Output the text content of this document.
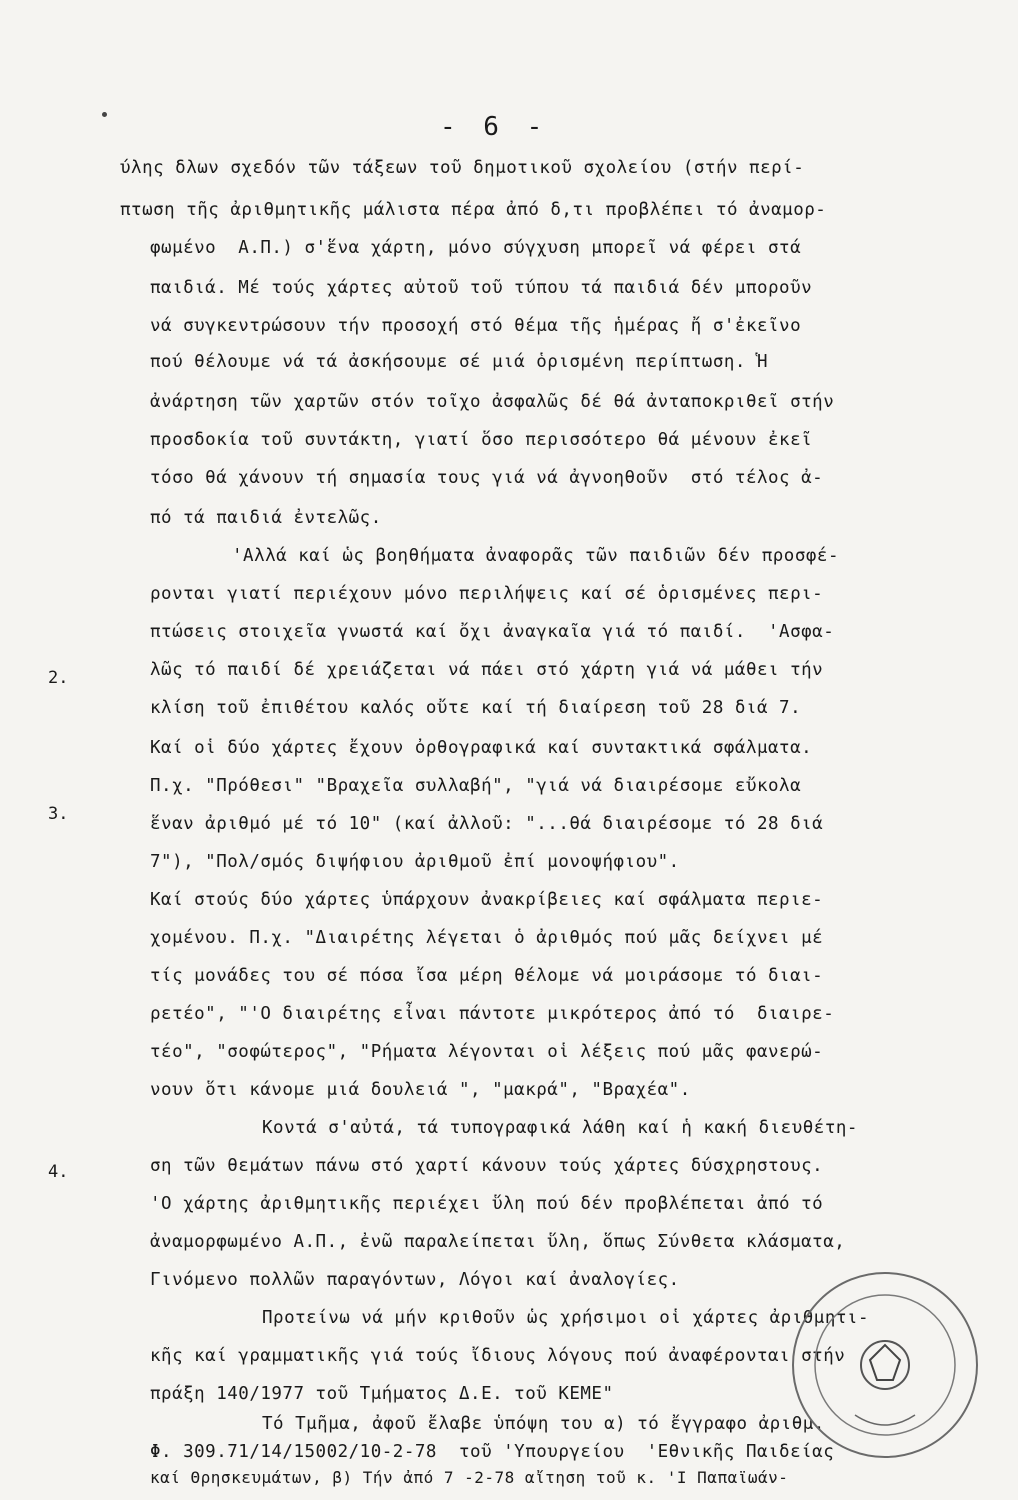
- 6 -
ύλης δλων σχεδόν τῶν τάξεων τοῦ δημοτικοῦ σχολείου (στήν περί-
πτωση τῆς ἀριθμητικῆς μάλιστα πέρα ἀπό δ,τι προβλέπει τό ἀναμορ-
φωμένο  Α.Π.) σ'ἕνα χάρτη, μόνο σύγχυση μπορεῖ νά φέρει στά
παιδιά. Μέ τούς χάρτες αὐτοῦ τοῦ τύπου τά παιδιά δέν μποροῦν
νά συγκεντρώσουν τήν προσοχή στό θέμα τῆς ἡμέρας ἤ σ'ἐκεῖνο
πού θέλουμε νά τά ἀσκήσουμε σέ μιά ὁρισμένη περίπτωση. Ἡ
ἀνάρτηση τῶν χαρτῶν στόν τοῖχο ἀσφαλῶς δέ θά ἀνταποκριθεῖ στήν
προσδοκία τοῦ συντάκτη, γιατί ὅσο περισσότερο θά μένουν ἐκεῖ
τόσο θά χάνουν τή σημασία τους γιά νά ἀγνοηθοῦν  στό τέλος ἀ-
πό τά παιδιά ἐντελῶς.
'Αλλά καί ὡς βοηθήματα ἀναφορᾶς τῶν παιδιῶν δέν προσφέ-
ρονται γιατί περιέχουν μόνο περιλήψεις καί σέ ὁρισμένες περι-
πτώσεις στοιχεῖα γνωστά καί ὄχι ἀναγκαῖα γιά τό παιδί.  'Ασφα-
λῶς τό παιδί δέ χρειάζεται νά πάει στό χάρτη γιά νά μάθει τήν
κλίση τοῦ ἐπιθέτου καλός οὔτε καί τή διαίρεση τοῦ 28 διά 7.
2.
Καί οἱ δύο χάρτες ἔχουν ὀρθογραφικά καί συντακτικά σφάλματα.
Π.χ. "Πρόθεσι" "Βραχεῖα συλλαβή", "γιά νά διαιρέσομε εὔκολα
ἕναν ἀριθμό μέ τό 10" (καί ἀλλοῦ: "...θά διαιρέσομε τό 28 διά
7"), "Πολ/σμός διψήφιου ἀριθμοῦ ἐπί μονοψήφιου".
3.
Καί στούς δύο χάρτες ὑπάρχουν ἀνακρίβειες καί σφάλματα περιε-
χομένου. Π.χ. "Διαιρέτης λέγεται ὁ ἀριθμός πού μᾶς δείχνει μέ
τίς μονάδες του σέ πόσα ἴσα μέρη θέλομε νά μοιράσομε τό διαι-
ρετέο", "'Ο διαιρέτης εἶναι πάντοτε μικρότερος ἀπό τό  διαιρε-
τέο", "σοφώτερος", "Ρήματα λέγονται οἱ λέξεις πού μᾶς φανερώ-
νουν ὅτι κάνομε μιά δουλειά ", "μακρά", "Βραχέα".
Κοντά σ'αὐτά, τά τυπογραφικά λάθη καί ἡ κακή διευθέτη-
ση τῶν θεμάτων πάνω στό χαρτί κάνουν τούς χάρτες δύσχρηστους.
4.
'Ο χάρτης ἀριθμητικῆς περιέχει ὕλη πού δέν προβλέπεται ἀπό τό
ἀναμορφωμένο Α.Π., ἐνῶ παραλείπεται ὕλη, ὅπως Σύνθετα κλάσματα,
Γινόμενο πολλῶν παραγόντων, Λόγοι καί ἀναλογίες.
Προτείνω νά μήν κριθοῦν ὡς χρήσιμοι οἱ χάρτες ἀριθμητι-
κῆς καί γραμματικῆς γιά τούς ἴδιους λόγους πού ἀναφέρονται στήν
πράξη 140/1977 τοῦ Τμήματος Δ.Ε. τοῦ ΚΕΜΕ"
Τό Τμῆμα, ἀφοῦ ἔλαβε ὑπόψη του α) τό ἔγγραφο ἀριθμ.
Φ. 309.71/14/15002/10-2-78  τοῦ 'Υπουργείου  'Εθνικῆς Παιδείας
καί Θρησκευμάτων, β) Τήν ἀπό 7 -2-78 αἴτηση τοῦ κ. 'Ι Παπαϊωάν-
